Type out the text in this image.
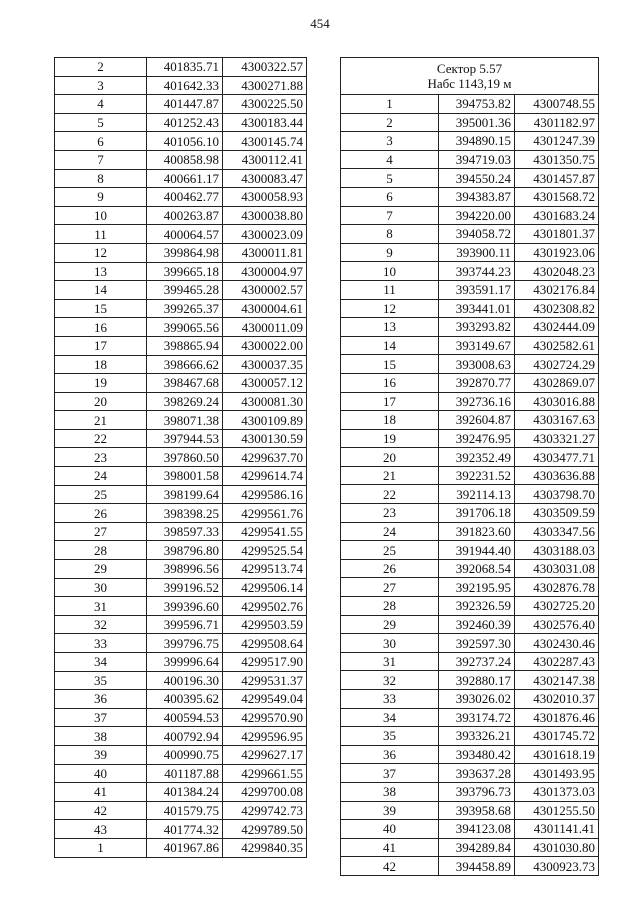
454
2	401835.71	4300322.57
3	401642.33	4300271.88
4	401447.87	4300225.50
5	401252.43	4300183.44
6	401056.10	4300145.74
7	400858.98	4300112.41
8	400661.17	4300083.47
9	400462.77	4300058.93
10	400263.87	4300038.80
11	400064.57	4300023.09
12	399864.98	4300011.81
13	399665.18	4300004.97
14	399465.28	4300002.57
15	399265.37	4300004.61
16	399065.56	4300011.09
17	398865.94	4300022.00
18	398666.62	4300037.35
19	398467.68	4300057.12
20	398269.24	4300081.30
21	398071.38	4300109.89
22	397944.53	4300130.59
23	397860.50	4299637.70
24	398001.58	4299614.74
25	398199.64	4299586.16
26	398398.25	4299561.76
27	398597.33	4299541.55
28	398796.80	4299525.54
29	398996.56	4299513.74
30	399196.52	4299506.14
31	399396.60	4299502.76
32	399596.71	4299503.59
33	399796.75	4299508.64
34	399996.64	4299517.90
35	400196.30	4299531.37
36	400395.62	4299549.04
37	400594.53	4299570.90
38	400792.94	4299596.95
39	400990.75	4299627.17
40	401187.88	4299661.55
41	401384.24	4299700.08
42	401579.75	4299742.73
43	401774.32	4299789.50
1	401967.86	4299840.35
Сектор 5.57
Набс 1143,19 м		

1	394753.82	4300748.55
2	395001.36	4301182.97
3	394890.15	4301247.39
4	394719.03	4301350.75
5	394550.24	4301457.87
6	394383.87	4301568.72
7	394220.00	4301683.24
8	394058.72	4301801.37
9	393900.11	4301923.06
10	393744.23	4302048.23
11	393591.17	4302176.84
12	393441.01	4302308.82
13	393293.82	4302444.09
14	393149.67	4302582.61
15	393008.63	4302724.29
16	392870.77	4302869.07
17	392736.16	4303016.88
18	392604.87	4303167.63
19	392476.95	4303321.27
20	392352.49	4303477.71
21	392231.52	4303636.88
22	392114.13	4303798.70
23	391706.18	4303509.59
24	391823.60	4303347.56
25	391944.40	4303188.03
26	392068.54	4303031.08
27	392195.95	4302876.78
28	392326.59	4302725.20
29	392460.39	4302576.40
30	392597.30	4302430.46
31	392737.24	4302287.43
32	392880.17	4302147.38
33	393026.02	4302010.37
34	393174.72	4301876.46
35	393326.21	4301745.72
36	393480.42	4301618.19
37	393637.28	4301493.95
38	393796.73	4301373.03
39	393958.68	4301255.50
40	394123.08	4301141.41
41	394289.84	4301030.80
42	394458.89	4300923.73
